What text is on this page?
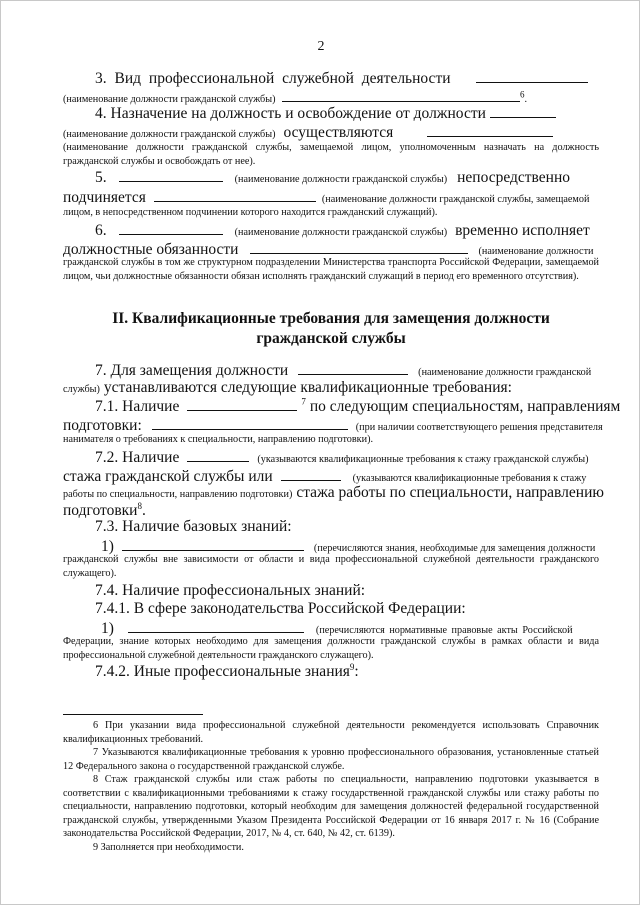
2
3. Вид профессиональной служебной деятельности
(наименование должности гражданской службы)	$^6$.
4. Назначение на должность и освобождение от должности
(наименование должности гражданской службы) осуществляются
(наименование должности гражданской службы, замещаемой лицом, уполномоченным назначать на должность гражданской службы и освобождать от нее).
5.	(наименование должности гражданской службы) непосредственно
подчиняется	(наименование должности гражданской службы, замещаемой
лицом, в непосредственном подчинении которого находится гражданский служащий).
6.	(наименование должности гражданской службы) временно исполняет
должностные обязанности	(наименование должности
гражданской службы в том же структурном подразделении Министерства транспорта Российской Федерации, замещаемой лицом, чьи должностные обязанности обязан исполнять гражданский служащий в период его временного отсутствия).
II. Квалификационные требования для замещения должности
гражданской службы
7. Для замещения должности	(наименование должности гражданской
службы) устанавливаются следующие квалификационные требования:
7.1. Наличие	$^7$ по следующим специальностям, направлениям
подготовки:	(при наличии соответствующего решения представителя
нанимателя о требованиях к специальности, направлению подготовки).
7.2. Наличие	(указываются квалификационные требования к стажу гражданской службы)
стажа гражданской службы или	(указываются квалификационные требования к стажу
работы по специальности, направлению подготовки) стажа работы по специальности, направлению
подготовки$^8$.
7.3. Наличие базовых знаний:
1)	(перечисляются знания, необходимые для замещения должности
гражданской службы вне зависимости от области и вида профессиональной служебной деятельности гражданского служащего).
7.4. Наличие профессиональных знаний:
7.4.1. В сфере законодательства Российской Федерации:
1)	(перечисляются нормативные правовые акты Российской
Федерации, знание которых необходимо для замещения должности гражданской службы в рамках области и вида профессиональной служебной деятельности гражданского служащего).
7.4.2. Иные профессиональные знания$^9$:

6 При указании вида профессиональной служебной деятельности рекомендуется использовать Справочник квалификационных требований.

7 Указываются квалификационные требования к уровню профессионального образования, установленные статьей 12 Федерального закона о государственной гражданской службе.

8 Стаж гражданской службы или стаж работы по специальности, направлению подготовки указывается в соответствии с квалификационными требованиями к стажу государственной гражданской службы или стажу работы по специальности, направлению подготовки, который необходим для замещения должностей федеральной государственной гражданской службы, утвержденными Указом Президента Российской Федерации от 16 января 2017 г. № 16 (Собрание законодательства Российской Федерации, 2017, № 4, ст. 640, № 42, ст. 6139).

9 Заполняется при необходимости.
